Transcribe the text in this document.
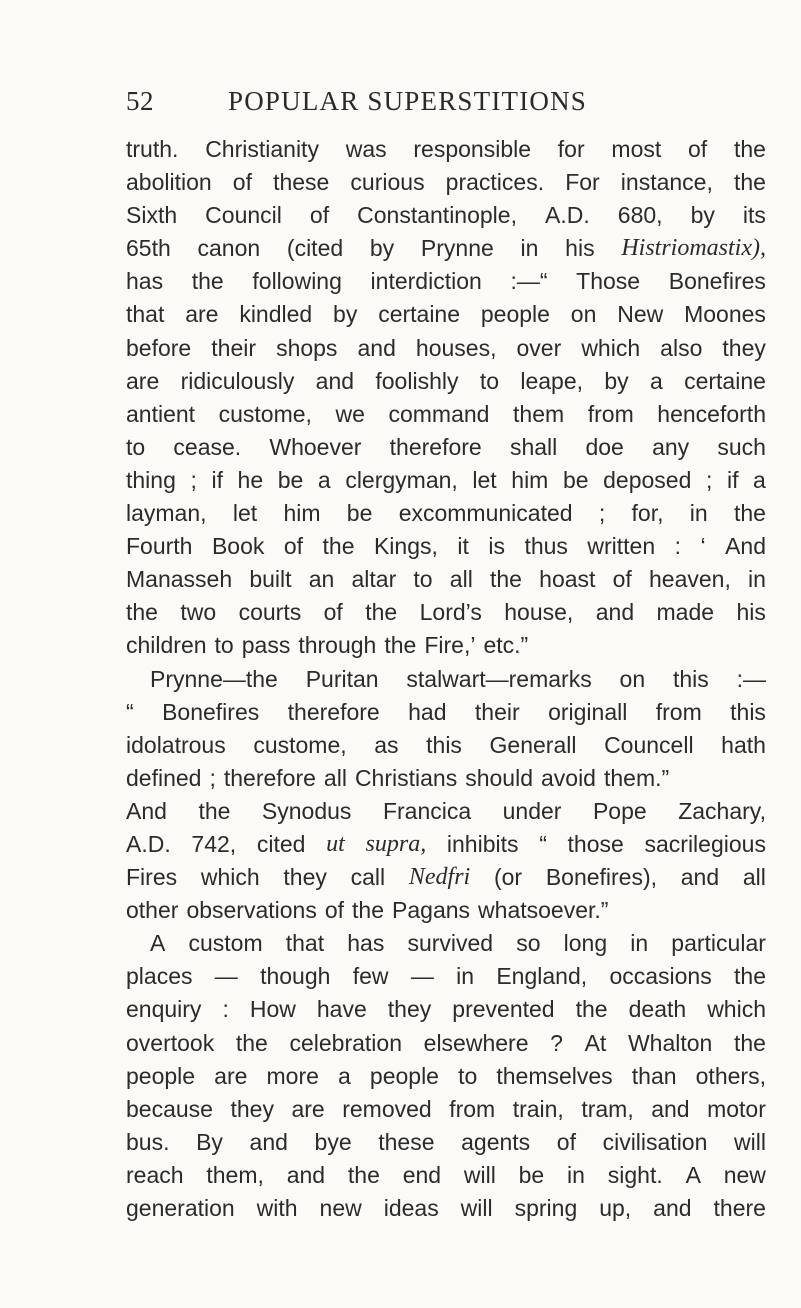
52	POPULAR SUPERSTITIONS
truth. Christianity was responsible for most of the
abolition of these curious practices. For instance, the
Sixth Council of Constantinople, A.D. 680, by its
65th canon (cited by Prynne in his Histriomastix),
has the following interdiction :—“ Those Bonefires
that are kindled by certaine people on New Moones
before their shops and houses, over which also they
are ridiculously and foolishly to leape, by a certaine
antient custome, we command them from henceforth
to cease. Whoever therefore shall doe any such
thing ; if he be a clergyman, let him be deposed ; if a
layman, let him be excommunicated ; for, in the
Fourth Book of the Kings, it is thus written : ‘ And
Manasseh built an altar to all the hoast of heaven, in
the two courts of the Lord’s house, and made his
children to pass through the Fire,’ etc.”
Prynne—the Puritan stalwart—remarks on this :—
“ Bonefires therefore had their originall from this
idolatrous custome, as this Generall Councell hath
defined ; therefore all Christians should avoid them.”
And the Synodus Francica under Pope Zachary,
A.D. 742, cited ut supra, inhibits “ those sacrilegious
Fires which they call Nedfri (or Bonefires), and all
other observations of the Pagans whatsoever.”
A custom that has survived so long in particular
places — though few — in England, occasions the
enquiry : How have they prevented the death which
overtook the celebration elsewhere ? At Whalton the
people are more a people to themselves than others,
because they are removed from train, tram, and motor
bus. By and bye these agents of civilisation will
reach them, and the end will be in sight. A new
generation with new ideas will spring up, and there
